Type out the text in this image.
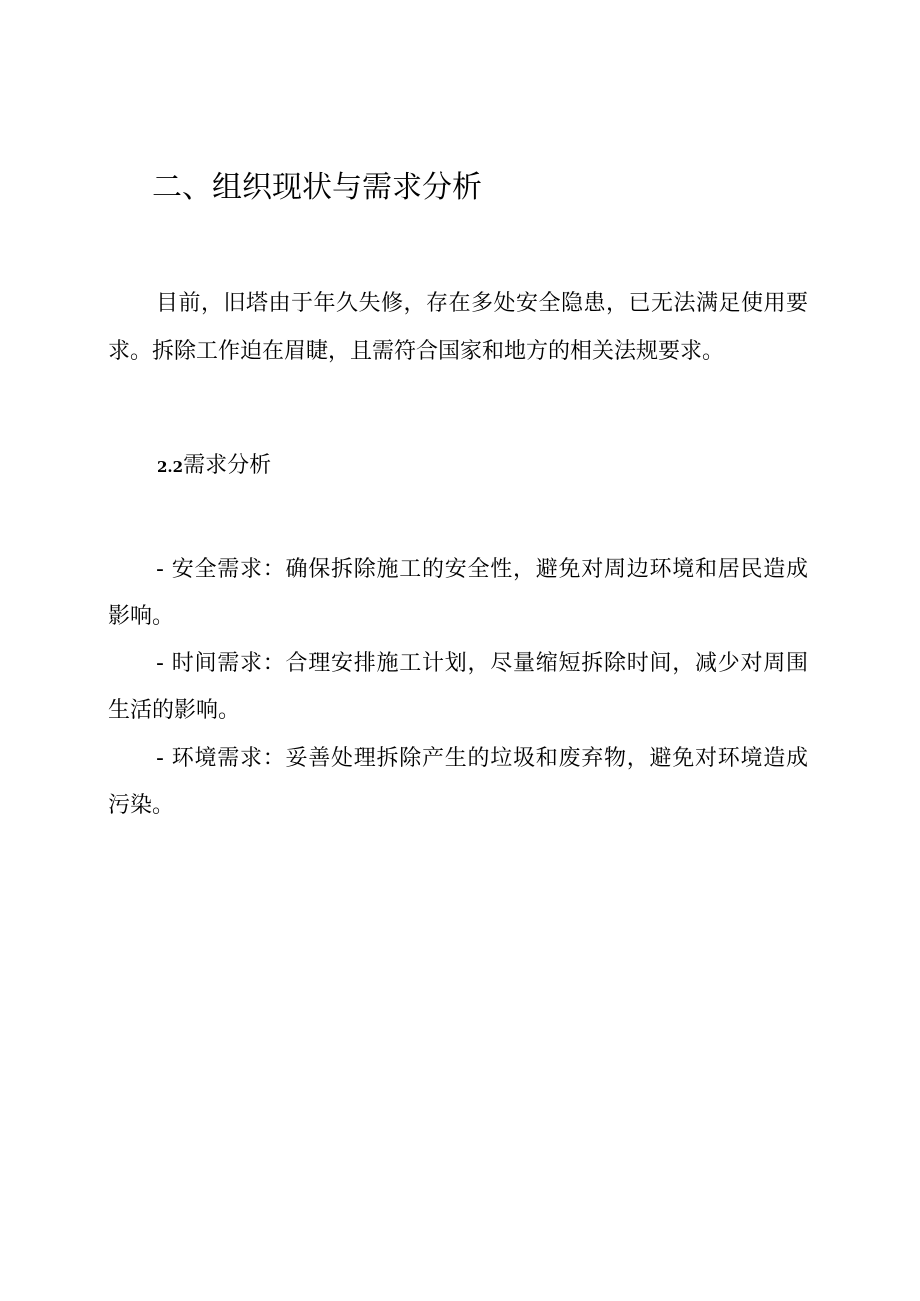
二、组织现状与需求分析

目前，旧塔由于年久失修，存在多处安全隐患，已无法满足使用要求。拆除工作迫在眉睫，且需符合国家和地方的相关法规要求。

2.2需求分析

- 安全需求：确保拆除施工的安全性，避免对周边环境和居民造成影响。

- 时间需求：合理安排施工计划，尽量缩短拆除时间，减少对周围生活的影响。

- 环境需求：妥善处理拆除产生的垃圾和废弃物，避免对环境造成污染。
